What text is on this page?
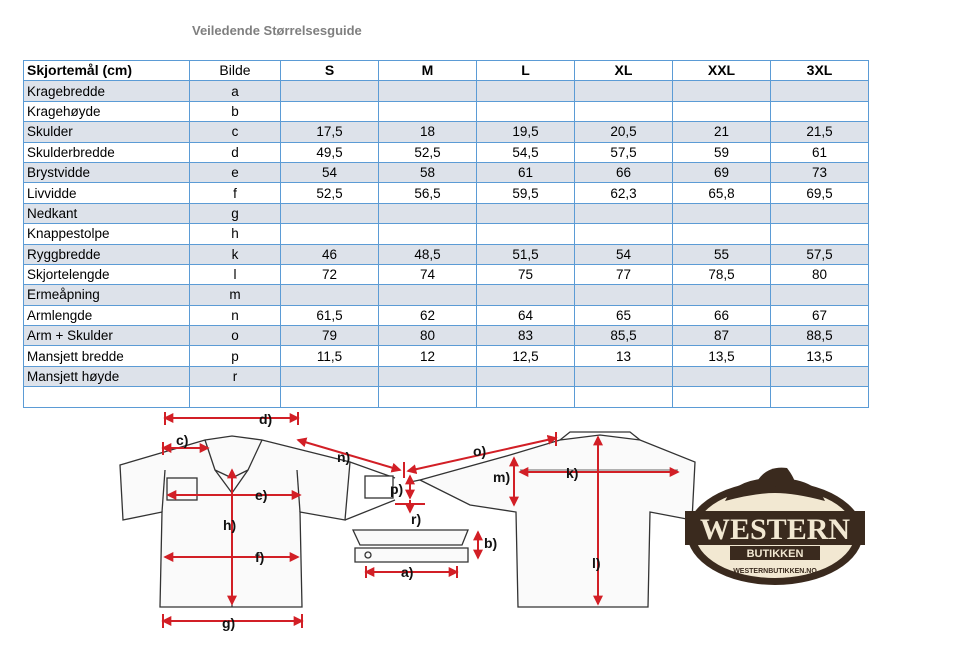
Veiledende Størrelsesguide
Skjortemål (cm)	Bilde	S	M	L	XL	XXL	3XL
Kragebredde	a						
Kragehøyde	b						
Skulder	c	17,5	18	19,5	20,5	21	21,5
Skulderbredde	d	49,5	52,5	54,5	57,5	59	61
Brystvidde	e	54	58	61	66	69	73
Livvidde	f	52,5	56,5	59,5	62,3	65,8	69,5
Nedkant	g						
Knappestolpe	h						
Ryggbredde	k	46	48,5	51,5	54	55	57,5
Skjortelengde	l	72	74	75	77	78,5	80
Ermeåpning	m						
Armlengde	n	61,5	62	64	65	66	67
Arm + Skulder	o	79	80	83	85,5	87	88,5
Mansjett bredde	p	11,5	12	12,5	13	13,5	13,5
Mansjett høyde	r						

d)
c)
e)
h)
f)
g)
n)	o)
m)	k)
l)
p)
r)
b)
a)
WESTERN
BUTIKKEN
WESTERNBUTIKKEN.NO
